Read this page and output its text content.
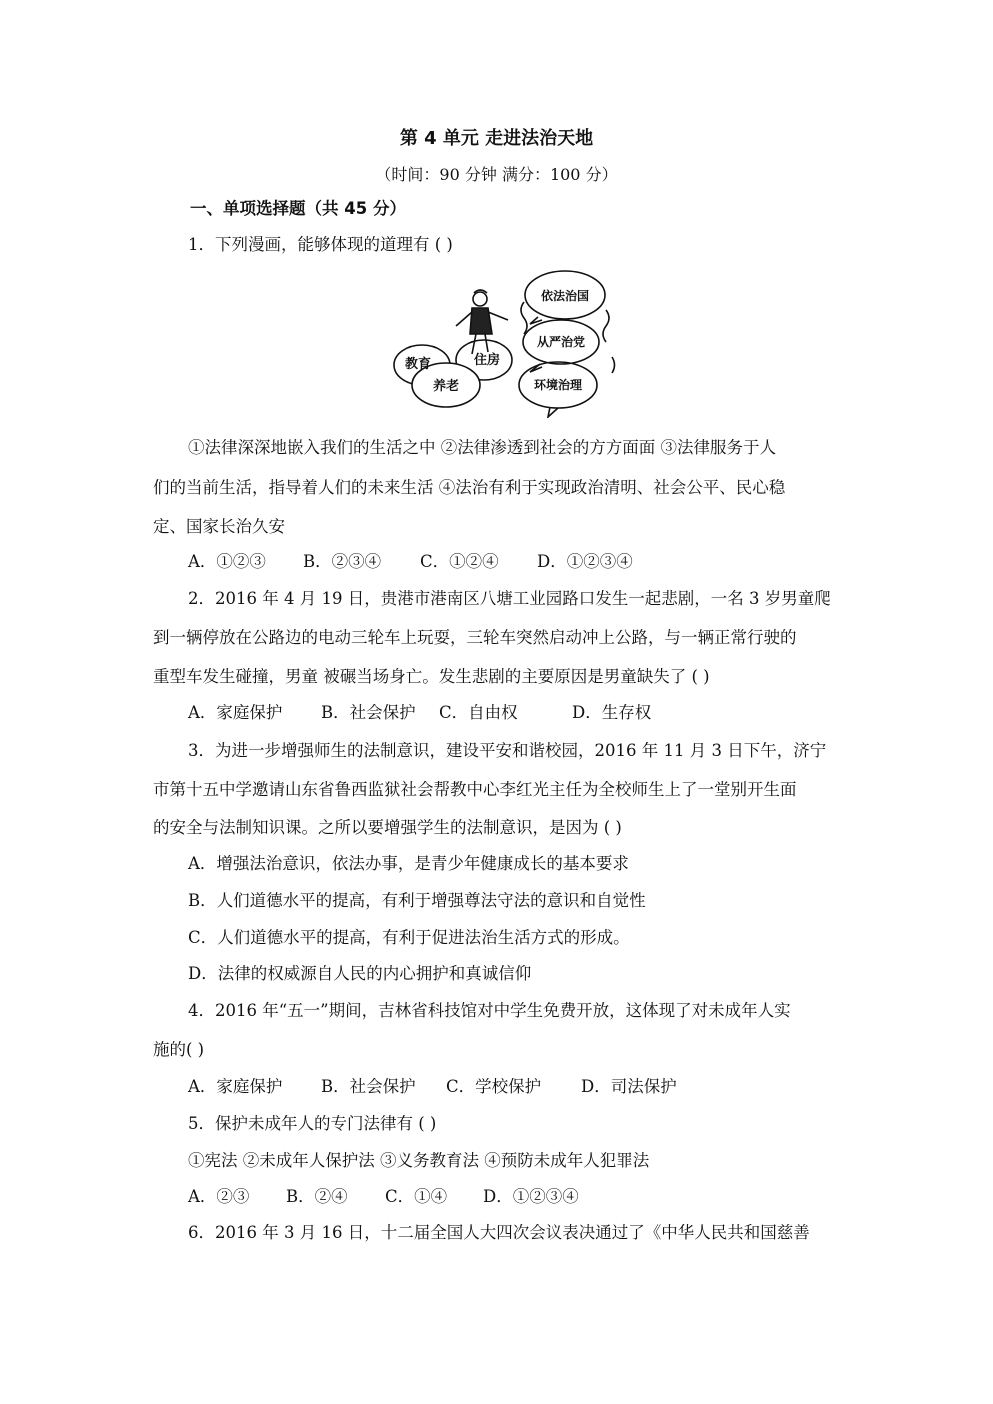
第 4 单元 走进法治天地
（时间：90 分钟 满分：100 分）
一、单项选择题（共 45 分）
1．下列漫画，能够体现的道理有 ( )
教育
养老
住房
依法治国
从严治党
环境治理
①法律深深地嵌入我们的生活之中 ②法律渗透到社会的方方面面 ③法律服务于人
们的当前生活，指导着人们的未来生活 ④法治有利于实现政治清明、社会公平、民心稳
定、国家长治久安
A．①②③ B．②③④ C．①②④ D．①②③④
2．2016 年 4 月 19 日，贵港市港南区八塘工业园路口发生一起悲剧，一名 3 岁男童爬
到一辆停放在公路边的电动三轮车上玩耍，三轮车突然启动冲上公路，与一辆正常行驶的
重型车发生碰撞，男童 被碾当场身亡。发生悲剧的主要原因是男童缺失了 ( )
A．家庭保护 B．社会保护 C．自由权	D．生存权
3．为进一步增强师生的法制意识，建设平安和谐校园，2016 年 11 月 3 日下午，济宁
市第十五中学邀请山东省鲁西监狱社会帮教中心李红光主任为全校师生上了一堂别开生面
的安全与法制知识课。之所以要增强学生的法制意识，是因为 ( )
A．增强法治意识，依法办事，是青少年健康成长的基本要求
B．人们道德水平的提高，有利于增强尊法守法的意识和自觉性
C．人们道德水平的提高，有利于促进法治生活方式的形成。
D．法律的权威源自人民的内心拥护和真诚信仰
4．2016 年“五一”期间，吉林省科技馆对中学生免费开放，这体现了对未成年人实
施的( )
A．家庭保护 B．社会保护 C．学校保护 D．司法保护
5．保护未成年人的专门法律有 ( )
①宪法 ②未成年人保护法 ③义务教育法 ④预防未成年人犯罪法
A．②③ B．②④ C．①④ D．①②③④
6．2016 年 3 月 16 日，十二届全国人大四次会议表决通过了《中华人民共和国慈善
